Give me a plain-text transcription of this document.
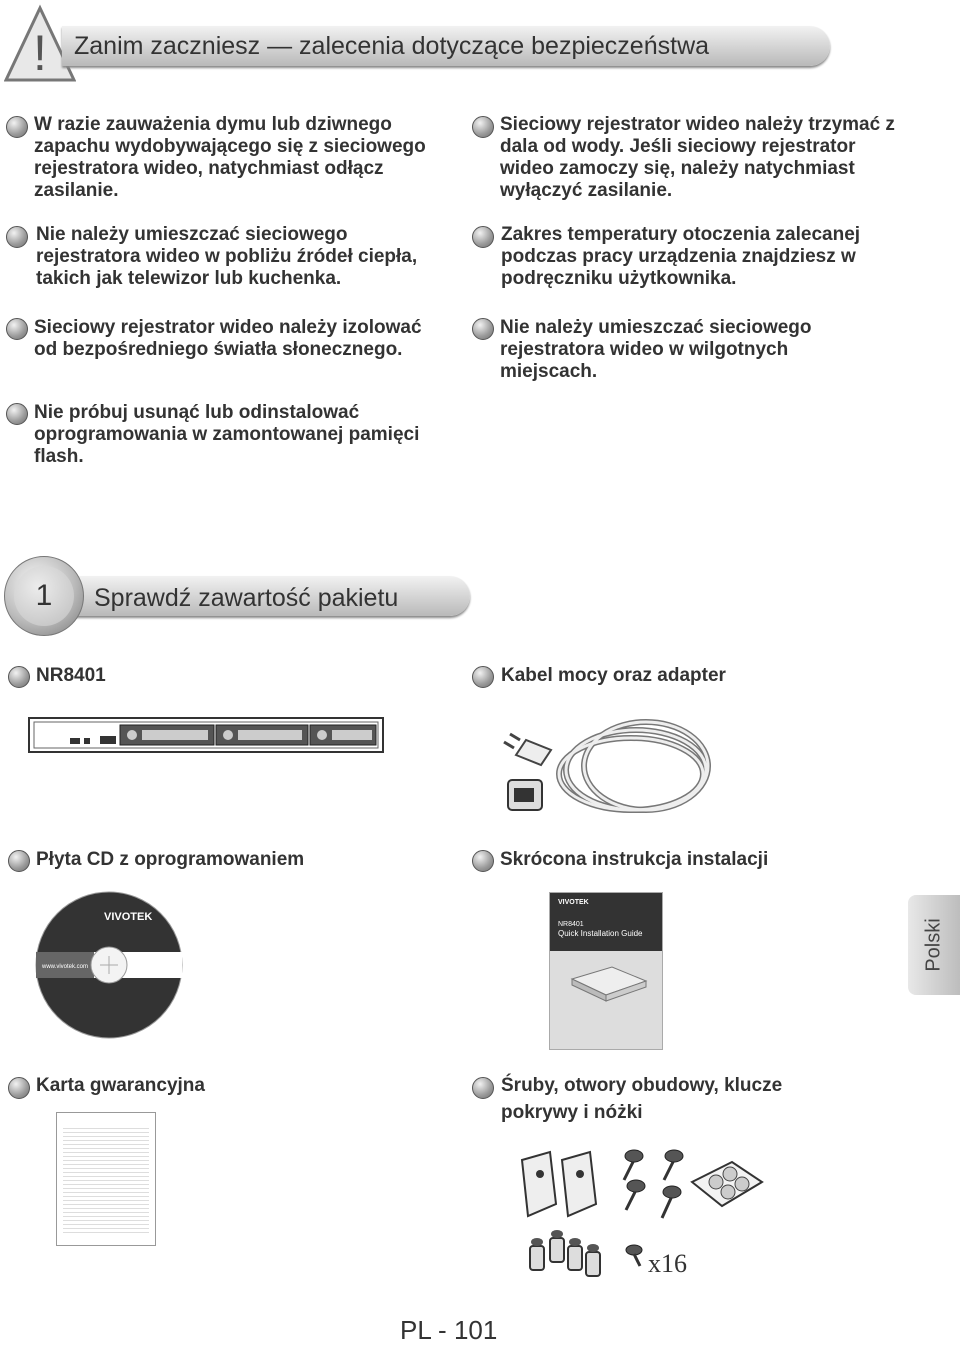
! Zanim zaczniesz — zalecenia dotyczące bezpieczeństwa
W razie zauważenia dymu lub dziwnego zapachu wydobywającego się z sieciowego rejestratora wideo, natychmiast odłącz zasilanie.
Nie należy umieszczać sieciowego rejestratora wideo w pobliżu źródeł ciepła, takich jak telewizor lub kuchenka.
Sieciowy rejestrator wideo należy izolować od bezpośredniego światła słonecznego.
Nie próbuj usunąć lub odinstalować oprogramowania w zamontowanej pamięci flash.
Sieciowy rejestrator wideo należy trzymać z dala od wody. Jeśli sieciowy rejestrator wideo zamoczy się, należy natychmiast wyłączyć zasilanie.
Zakres temperatury otoczenia zalecanej podczas pracy urządzenia znajdziesz w podręczniku użytkownika.
Nie należy umieszczać sieciowego rejestratora wideo w wilgotnych miejscach.
1	Sprawdź zawartość pakietu
NR8401	Kabel mocy oraz adapter
Płyta CD z oprogramowaniem
VIVOTEK
www.vivotek.com
Skrócona instrukcja instalacji
VIVOTEK
NR8401
Quick Installation Guide
Karta gwarancyjna	Śruby, otwory obudowy, klucze
pokrywy i nóżki
x16
Polski
PL - 101
